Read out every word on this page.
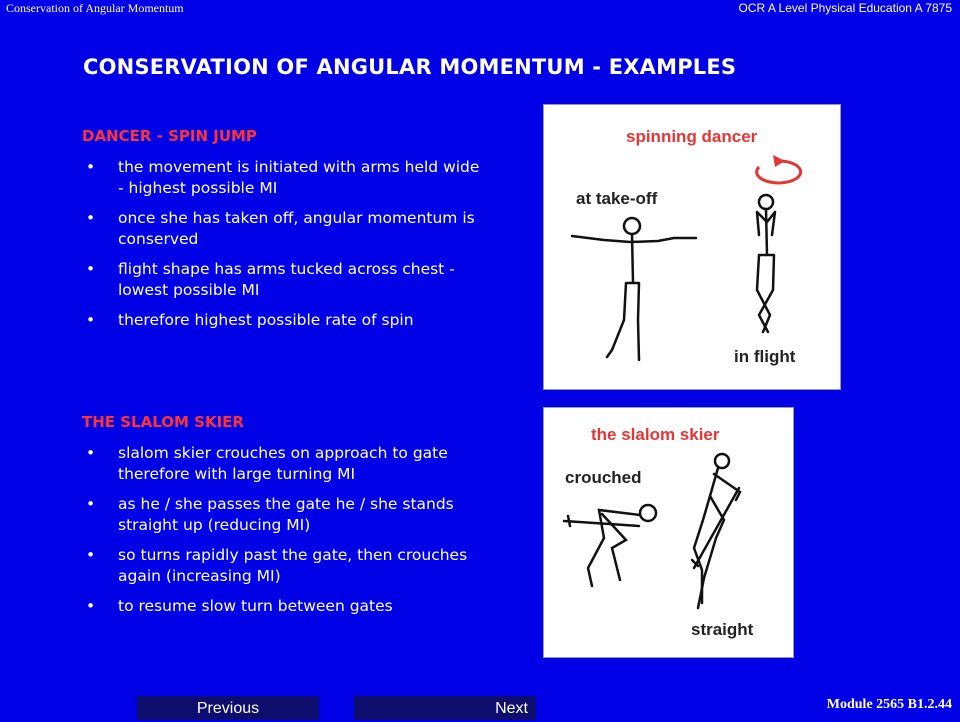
Conservation of Angular Momentum	OCR A Level Physical Education A 7875
CONSERVATION OF ANGULAR MOMENTUM - EXAMPLES
DANCER - SPIN JUMP
• the movement is initiated with arms held wide - highest possible MI
• once she has taken off, angular momentum is conserved
• flight shape has arms tucked across chest - lowest possible MI
• therefore highest possible rate of spin
THE SLALOM SKIER
• slalom skier crouches on approach to gate therefore with large turning MI
• as he / she passes the gate he / she stands straight up (reducing MI)
• so turns rapidly past the gate, then crouches again (increasing MI)
• to resume slow turn between gates
spinning dancer
at take-off
in flight
the slalom skier
crouched
straight
Previous	Next	Module 2565 B1.2.44
